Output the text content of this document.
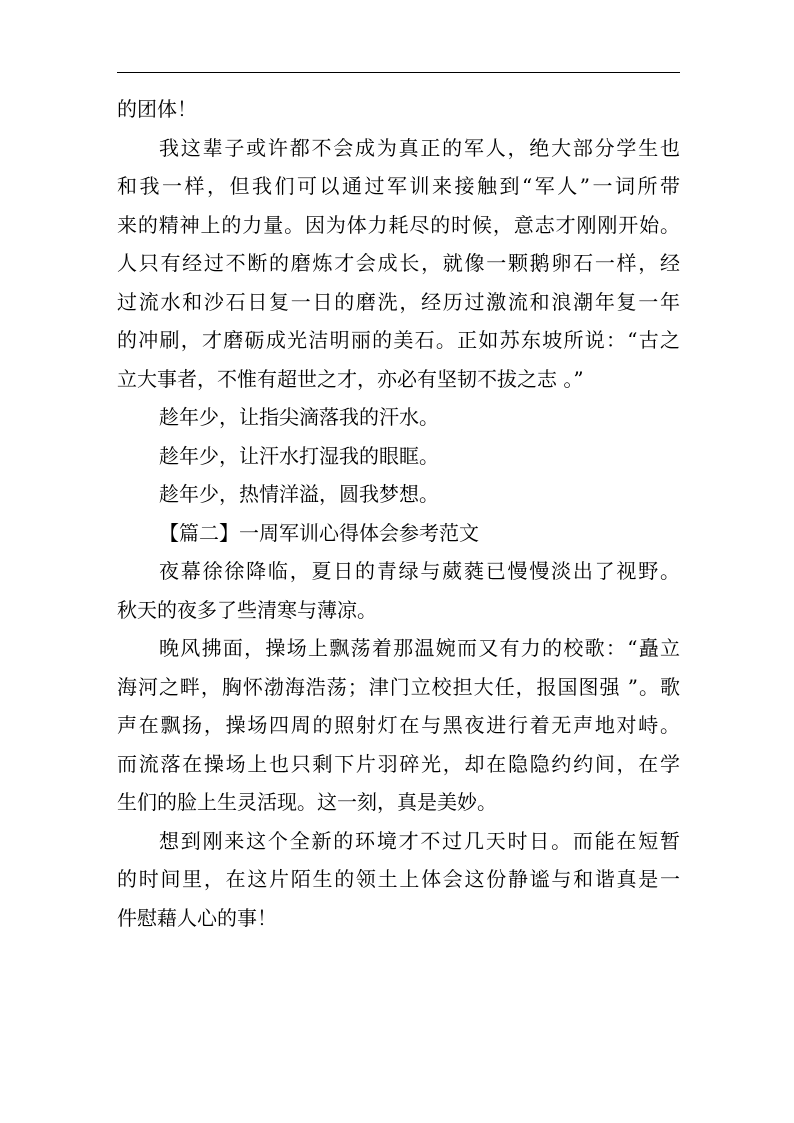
的团体！
我这辈子或许都不会成为真正的军人，绝大部分学生也
和我一样，但我们可以通过军训来接触到“军人”一词所带
来的精神上的力量。因为体力耗尽的时候，意志才刚刚开始。
人只有经过不断的磨炼才会成长，就像一颗鹅卵石一样，经
过流水和沙石日复一日的磨洗，经历过激流和浪潮年复一年
的冲刷，才磨砺成光洁明丽的美石。正如苏东坡所说：“古之
立大事者，不惟有超世之才，亦必有坚韧不拔之志 。”
趁年少，让指尖滴落我的汗水。
趁年少，让汗水打湿我的眼眶。
趁年少，热情洋溢，圆我梦想。
【篇二】一周军训心得体会参考范文
夜幕徐徐降临，夏日的青绿与葳蕤已慢慢淡出了视野。
秋天的夜多了些清寒与薄凉。
晚风拂面，操场上飘荡着那温婉而又有力的校歌：“矗立
海河之畔，胸怀渤海浩荡；津门立校担大任，报国图强 ”。歌
声在飘扬，操场四周的照射灯在与黑夜进行着无声地对峙。
而流落在操场上也只剩下片羽碎光，却在隐隐约约间，在学
生们的脸上生灵活现。这一刻，真是美妙。
想到刚来这个全新的环境才不过几天时日。而能在短暂
的时间里，在这片陌生的领土上体会这份静谧与和谐真是一
件慰藉人心的事！
